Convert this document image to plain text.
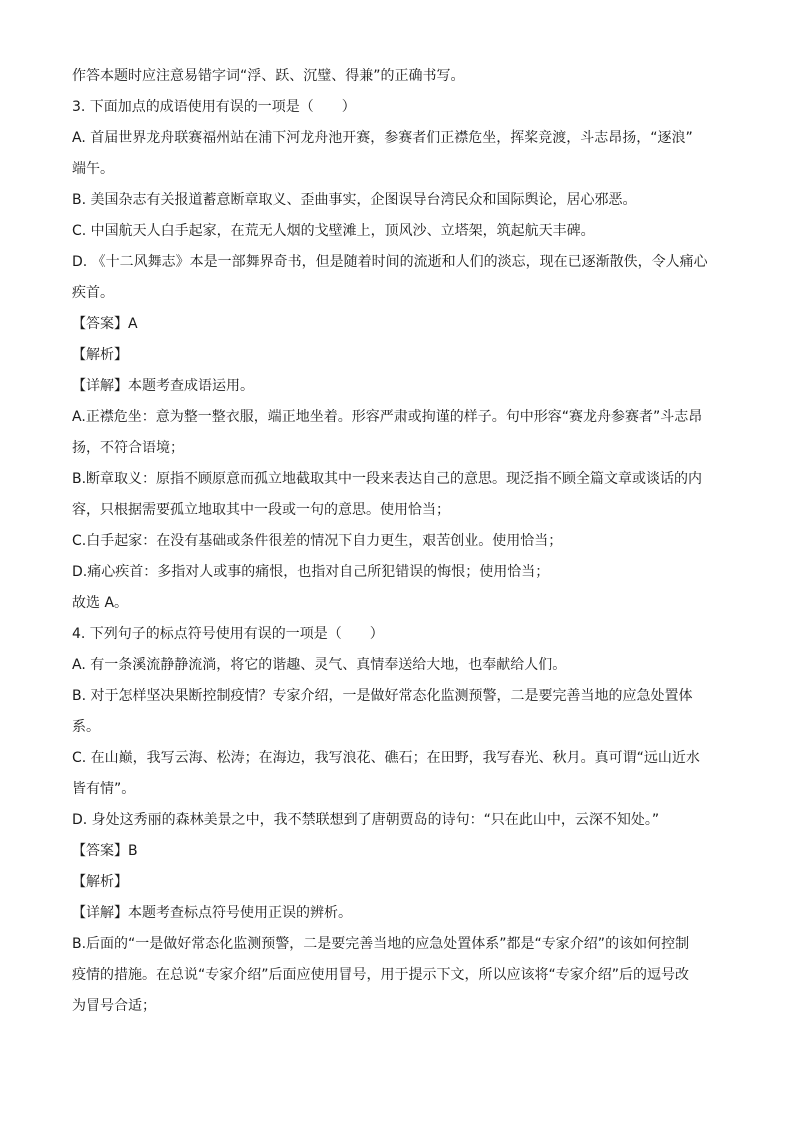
作答本题时应注意易错字词“浮、跃、沉璧、得兼”的正确书写。
3. 下面加点的成语使用有误的一项是（　　）
A. 首届世界龙舟联赛福州站在浦下河龙舟池开赛，参赛者们正襟危坐，挥桨竞渡，斗志昂扬，“逐浪”
端午。
B. 美国杂志有关报道蓄意断章取义、歪曲事实，企图误导台湾民众和国际舆论，居心邪恶。
C. 中国航天人白手起家，在荒无人烟的戈壁滩上，顶风沙、立塔架，筑起航天丰碑。
D. 《十二风舞志》本是一部舞界奇书，但是随着时间的流逝和人们的淡忘，现在已逐渐散佚，令人痛心
疾首。
【答案】A
【解析】
【详解】本题考查成语运用。
A.正襟危坐：意为整一整衣服，端正地坐着。形容严肃或拘谨的样子。句中形容“赛龙舟参赛者”斗志昂
扬，不符合语境；
B.断章取义：原指不顾原意而孤立地截取其中一段来表达自己的意思。现泛指不顾全篇文章或谈话的内
容，只根据需要孤立地取其中一段或一句的意思。使用恰当；
C.白手起家：在没有基础或条件很差的情况下自力更生，艰苦创业。使用恰当；
D.痛心疾首：多指对人或事的痛恨，也指对自己所犯错误的悔恨；使用恰当；
故选 A。
4. 下列句子的标点符号使用有误的一项是（　　）
A. 有一条溪流静静流淌，将它的谐趣、灵气、真情奉送给大地，也奉献给人们。
B. 对于怎样坚决果断控制疫情？专家介绍，一是做好常态化监测预警，二是要完善当地的应急处置体
系。
C. 在山巅，我写云海、松涛；在海边，我写浪花、礁石；在田野，我写春光、秋月。真可谓“远山近水
皆有情”。
D. 身处这秀丽的森林美景之中，我不禁联想到了唐朝贾岛的诗句：“只在此山中，云深不知处。”
【答案】B
【解析】
【详解】本题考查标点符号使用正误的辨析。
B.后面的“一是做好常态化监测预警，二是要完善当地的应急处置体系”都是“专家介绍”的该如何控制
疫情的措施。在总说“专家介绍”后面应使用冒号，用于提示下文，所以应该将“专家介绍”后的逗号改
为冒号合适；
